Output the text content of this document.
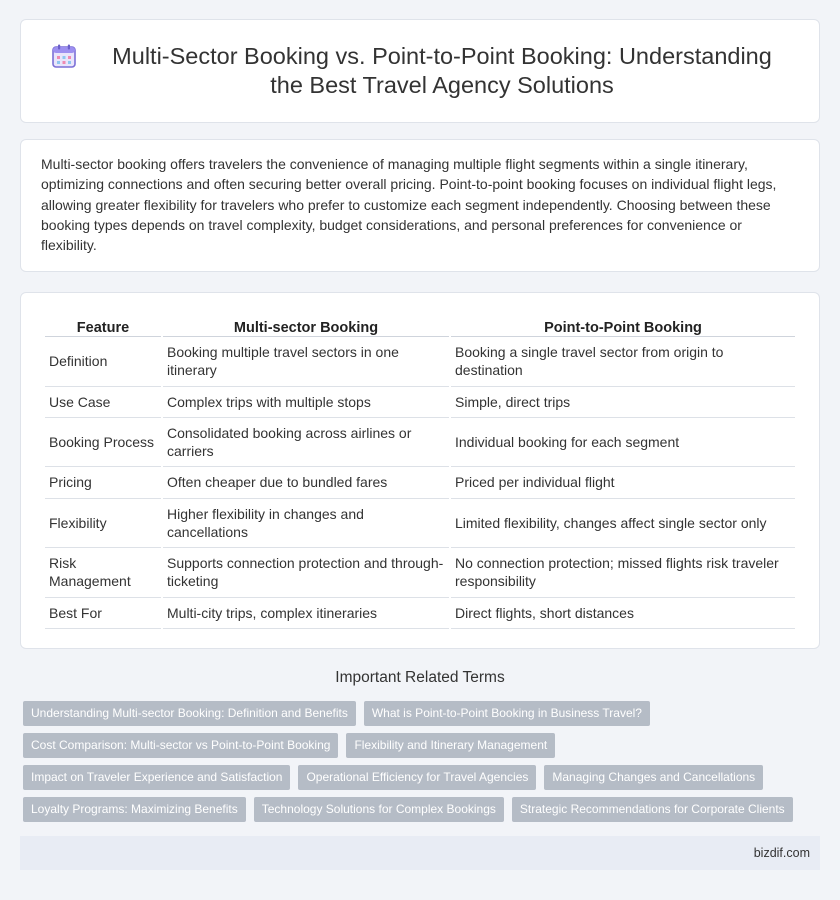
Multi-Sector Booking vs. Point-to-Point Booking: Understanding the Best Travel Agency Solutions

Multi-sector booking offers travelers the convenience of managing multiple flight segments within a single itinerary, optimizing connections and often securing better overall pricing. Point-to-point booking focuses on individual flight legs, allowing greater flexibility for travelers who prefer to customize each segment independently. Choosing between these booking types depends on travel complexity, budget considerations, and personal preferences for convenience or flexibility.

Feature	Multi-sector Booking	Point-to-Point Booking
Definition	Booking multiple travel sectors in one itinerary	Booking a single travel sector from origin to destination
Use Case	Complex trips with multiple stops	Simple, direct trips
Booking Process	Consolidated booking across airlines or carriers	Individual booking for each segment
Pricing	Often cheaper due to bundled fares	Priced per individual flight
Flexibility	Higher flexibility in changes and cancellations	Limited flexibility, changes affect single sector only
Risk Management	Supports connection protection and through-ticketing	No connection protection; missed flights risk traveler responsibility
Best For	Multi-city trips, complex itineraries	Direct flights, short distances
Important Related Terms
Understanding Multi-sector Booking: Definition and Benefits	What is Point-to-Point Booking in Business Travel?
Cost Comparison: Multi-sector vs Point-to-Point Booking	Flexibility and Itinerary Management
Impact on Traveler Experience and Satisfaction	Operational Efficiency for Travel Agencies	Managing Changes and Cancellations
Loyalty Programs: Maximizing Benefits	Technology Solutions for Complex Bookings	Strategic Recommendations for Corporate Clients
bizdif.com
